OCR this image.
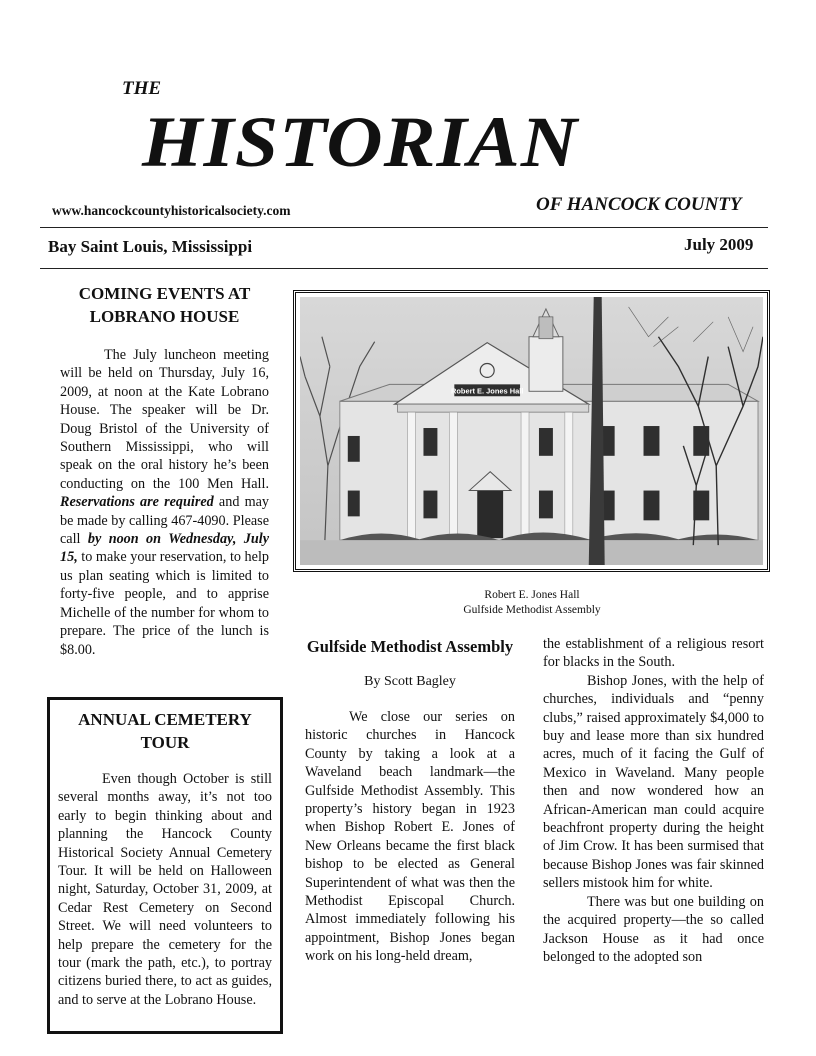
THE
HISTORIAN
www.hancockcountyhistoricalsociety.com	OF HANCOCK COUNTY
Bay Saint Louis, Mississippi	July 2009
COMING EVENTS AT LOBRANO HOUSE

The July luncheon meeting will be held on Thursday, July 16, 2009, at noon at the Kate Lobrano House. The speaker will be Dr. Doug Bristol of the University of Southern Mississippi, who will speak on the oral history he’s been conducting on the 100 Men Hall. Reservations are required and may be made by calling 467-4090. Please call by noon on Wednesday, July 15, to make your reservation, to help us plan seating which is limited to forty-five people, and to apprise Michelle of the number for whom to prepare. The price of the lunch is $8.00.

ANNUAL CEMETERY TOUR

Even though October is still several months away, it’s not too early to begin thinking about and planning the Hancock County Historical Society Annual Cemetery Tour. It will be held on Halloween night, Saturday, October 31, 2009, at Cedar Rest Cemetery on Second Street. We will need volunteers to help prepare the cemetery for the tour (mark the path, etc.), to portray citizens buried there, to act as guides, and to serve at the Lobrano House.

Robert E. Jones Hall
Robert E. Jones Hall
Gulfside Methodist Assembly
Gulfside Methodist Assembly
By Scott Bagley

We close our series on historic churches in Hancock County by taking a look at a Waveland beach landmark—the Gulfside Methodist Assembly. This property’s history began in 1923 when Bishop Robert E. Jones of New Orleans became the first black bishop to be elected as General Superintendent of what was then the Methodist Episcopal Church. Almost immediately following his appointment, Bishop Jones began work on his long-held dream,

the establishment of a religious resort for blacks in the South.

Bishop Jones, with the help of churches, individuals and “penny clubs,” raised approximately $4,000 to buy and lease more than six hundred acres, much of it facing the Gulf of Mexico in Waveland. Many people then and now wondered how an African-American man could acquire beachfront property during the height of Jim Crow. It has been surmised that because Bishop Jones was fair skinned sellers mistook him for white.

There was but one building on the acquired property—the so called Jackson House as it had once belonged to the adopted son
